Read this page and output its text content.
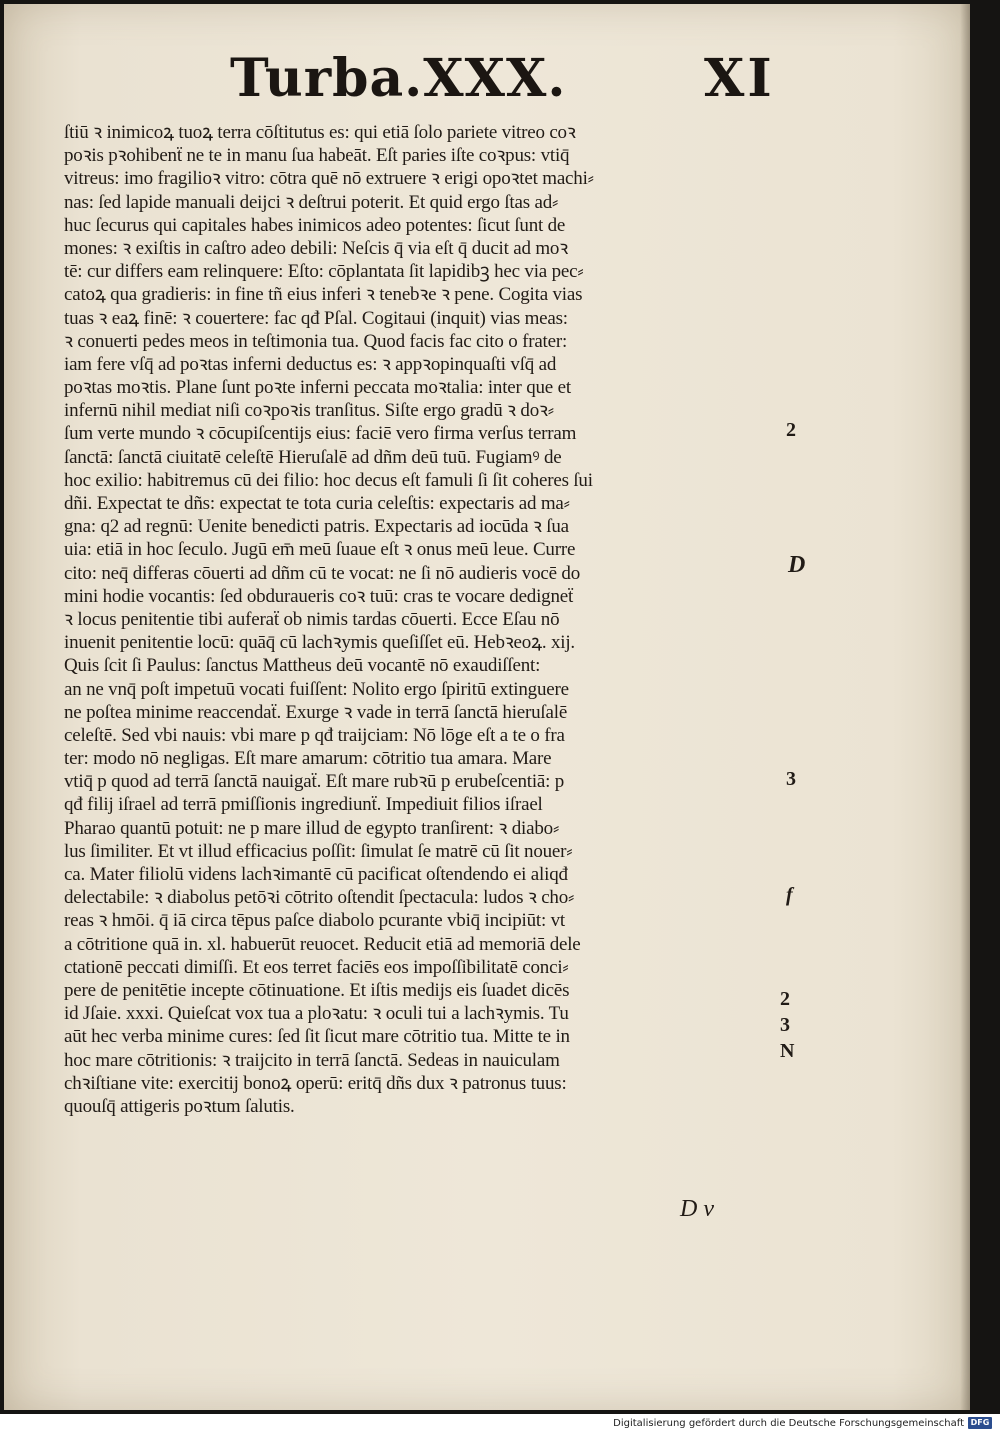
Turba.XXX.	XI
ſtiū ꝛ inimicoꝝ tuoꝝ terra cōſtitutus es: qui etiā ſolo pariete vitreo coꝛ
poꝛis pꝛohibenẗ ne te in manu ſua habeāt. Eſt paries iſte coꝛpus: vtiq̄
vitreus: imo fragilioꝛ vitro: cōtra quē nō extruere ꝛ erigi opoꝛtet machi⸗
nas: ſed lapide manuali deijci ꝛ deſtrui poterit. Et quid ergo ſtas ad⸗
huc ſecurus qui capitales habes inimicos adeo potentes: ſicut ſunt de
mones: ꝛ exiſtis in caſtro adeo debili: Neſcis q̄ via eſt q̄ ducit ad moꝛ
tē: cur differs eam relinquere: Eſto: cōplantata ſit lapidibꝫ hec via pec⸗
catoꝝ qua gradieris: in fine tñ eius inferi ꝛ tenebꝛe ꝛ pene. Cogita vias
tuas ꝛ eaꝝ finē: ꝛ couertere: fac qđ Pſal. Cogitaui (inquit) vias meas:
ꝛ conuerti pedes meos in teſtimonia tua. Quod facis fac cito o frater:
iam fere vſq̄ ad poꝛtas inferni deductus es: ꝛ appꝛopinquaſti vſq̄ ad
poꝛtas moꝛtis. Plane ſunt poꝛte inferni peccata moꝛtalia: inter que et
infernū nihil mediat niſi coꝛpoꝛis tranſitus. Siſte ergo gradū ꝛ doꝛ⸗
ſum verte mundo ꝛ cōcupiſcentijs eius: faciē vero firma verſus terram
ſanctā: ſanctā ciuitatē celeſtē Hieruſalē ad dñm deū tuū. Fugiamꝰ de
hoc exilio: habitremus cū dei filio: hoc decus eſt famuli ſi ſit coheres ſui
dñi. Expectat te dñs: expectat te tota curia celeſtis: expectaris ad ma⸗
gna: q2 ad regnū: Uenite benedicti patris. Expectaris ad iocūda ꝛ ſua
uia: etiā in hoc ſeculo. Jugū em̄ meū ſuaue eſt ꝛ onus meū leue. Curre
cito: neq̄ differas cōuerti ad dñm cū te vocat: ne ſi nō audieris vocē do
mini hodie vocantis: ſed obduraueris coꝛ tuū: cras te vocare dedigneẗ
ꝛ locus penitentie tibi auferaẗ ob nimis tardas cōuerti. Ecce Eſau nō
inuenit penitentie locū: quāq̄ cū lachꝛymis queſiſſet eū. Hebꝛeoꝝ. xij.
Quis ſcit ſi Paulus: ſanctus Mattheus deū vocantē nō exaudiſſent:
an ne vnq̄ poſt impetuū vocati fuiſſent: Nolito ergo ſpiritū extinguere
ne poſtea minime reaccendaẗ. Exurge ꝛ vade in terrā ſanctā hieruſalē
celeſtē. Sed vbi nauis: vbi mare p qđ traijciam: Nō lōge eſt a te o fra
ter: modo nō negligas. Eſt mare amarum: cōtritio tua amara. Mare
vtiq̄ p quod ad terrā ſanctā nauigaẗ. Eſt mare rubꝛū p erubeſcentiā: p
qđ filij iſrael ad terrā pmiſſionis ingrediunẗ. Impediuit filios iſrael
Pharao quantū potuit: ne p mare illud de egypto tranſirent: ꝛ diabo⸗
lus ſimiliter. Et vt illud efficacius poſſit: ſimulat ſe matrē cū ſit nouer⸗
ca. Mater filiolū videns lachꝛimantē cū pacificat oſtendendo ei aliqđ
delectabile: ꝛ diabolus petōꝛi cōtrito oſtendit ſpectacula: ludos ꝛ cho⸗
reas ꝛ hmōi. q̄ iā circa tēpus paſce diabolo pcurante vbiq̄ incipiūt: vt
a cōtritione quā in. xl. habuerūt reuocet. Reducit etiā ad memoriā dele
ctationē peccati dimiſſi. Et eos terret faciēs eos impoſſibilitatē conci⸗
pere de penitētie incepte cōtinuatione. Et iſtis medijs eis ſuadet dicēs
id Jſaie. xxxi. Quieſcat vox tua a ploꝛatu: ꝛ oculi tui a lachꝛymis. Tu
aūt hec verba minime cures: ſed ſit ſicut mare cōtritio tua. Mitte te in
hoc mare cōtritionis: ꝛ traijcito in terrā ſanctā. Sedeas in nauiculam
chꝛiſtiane vite: exercitij bonoꝝ operū: eritq̄ dñs dux ꝛ patronus tuus:
quouſq̄ attigeris poꝛtum ſalutis.
2
D
3
f
2
3
N
D v
Digitalisierung gefördert durch die Deutsche Forschungsgemeinschaft DFG
